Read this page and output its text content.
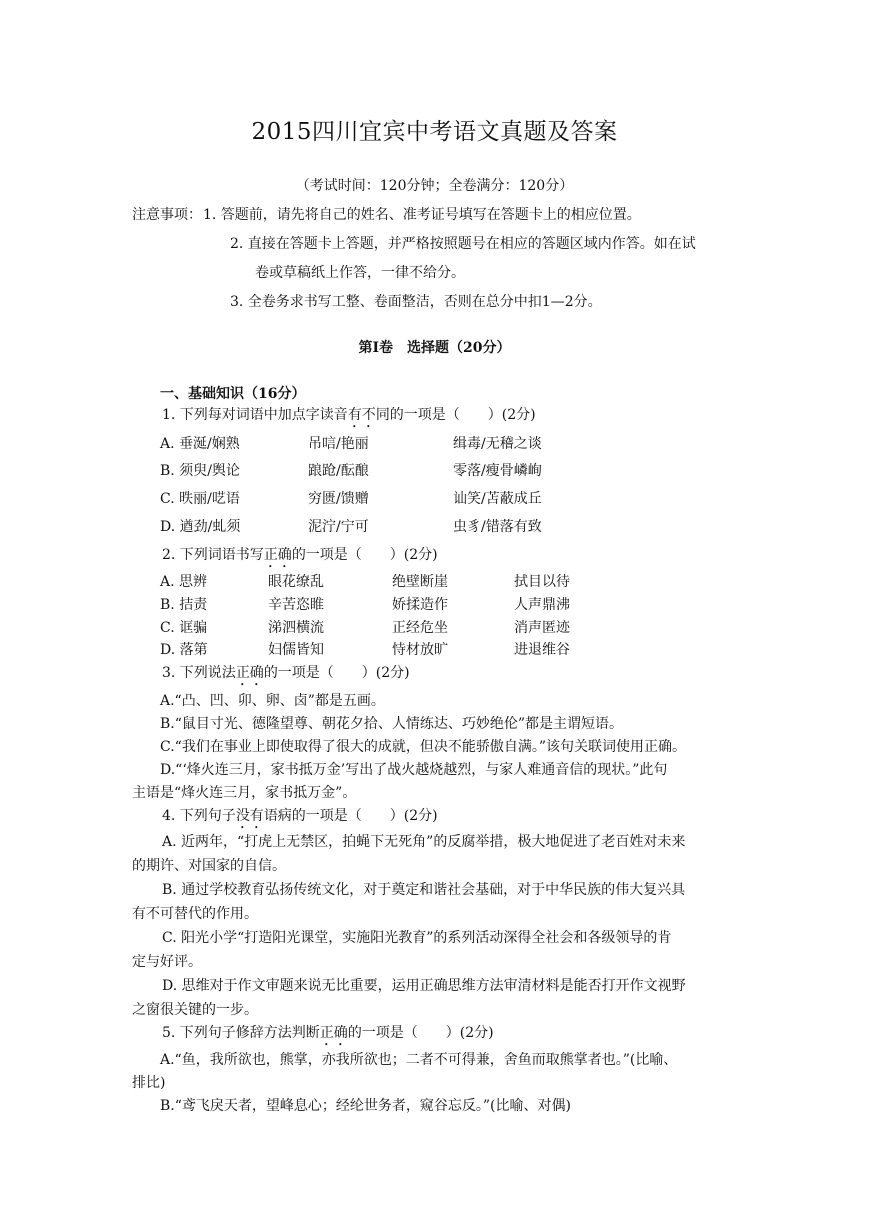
2015四川宜宾中考语文真题及答案
（考试时间：120分钟；全卷满分：120分）
注意事项： 1. 答题前，请先将自己的姓名、准考证号填写在答题卡上的相应位置。
2. 直接在答题卡上答题，并严格按照题号在相应的答题区域内作答。如在试
卷或草稿纸上作答，一律不给分。
3. 全卷务求书写工整、卷面整洁，否则在总分中扣1—2分。
第Ⅰ卷　选择题（20分）
一、基础知识（16分）
1. 下列每对词语中加点字读音有不同的一项是（　　）(2分)
A. 垂涎/娴熟	吊唁/艳丽	缉毒/无稽之谈
B. 须臾/舆论	踉跄/酝酿	零落/瘦骨嶙峋
C. 昳丽/呓语	穷匮/馈赠	讪笑/苫蔽成丘
D. 遒劲/虬须	泥泞/宁可	虫豸/错落有致
2. 下列词语书写正确的一项是（　　）(2分)
A. 思辨	眼花缭乱	绝壁断崖	拭目以待
B. 拮责	辛苦恣睢	娇揉造作	人声鼎沸
C. 诓骗	涕泗横流	正经危坐	消声匿迹
D. 落第	妇儒皆知	恃材放旷	进退维谷
3. 下列说法正确的一项是（　　）(2分)
A.“凸、凹、卯、卵、卤”都是五画。
B.“鼠目寸光、德隆望尊、朝花夕拾、人情练达、巧妙绝伦”都是主谓短语。
C.“我们在事业上即使取得了很大的成就，但决不能骄傲自满。”该句关联词使用正确。
D.“‘烽火连三月，家书抵万金’写出了战火越烧越烈，与家人难通音信的现状。”此句
主语是“烽火连三月，家书抵万金”。
4. 下列句子没有语病的一项是（　　）(2分)
A. 近两年，“打虎上无禁区，拍蝇下无死角”的反腐举措，极大地促进了老百姓对未来
的期许、对国家的自信。
B. 通过学校教育弘扬传统文化，对于奠定和谐社会基础，对于中华民族的伟大复兴具
有不可替代的作用。
C. 阳光小学“打造阳光课堂，实施阳光教育”的系列活动深得全社会和各级领导的肯
定与好评。
D. 思维对于作文审题来说无比重要，运用正确思维方法审清材料是能否打开作文视野
之窗很关键的一步。
5. 下列句子修辞方法判断正确的一项是（　　）(2分)
A.“鱼，我所欲也，熊掌，亦我所欲也；二者不可得兼，舍鱼而取熊掌者也。”(比喻、
排比)
B.“鸢飞戾天者，望峰息心；经纶世务者，窥谷忘反。”(比喻、对偶)
